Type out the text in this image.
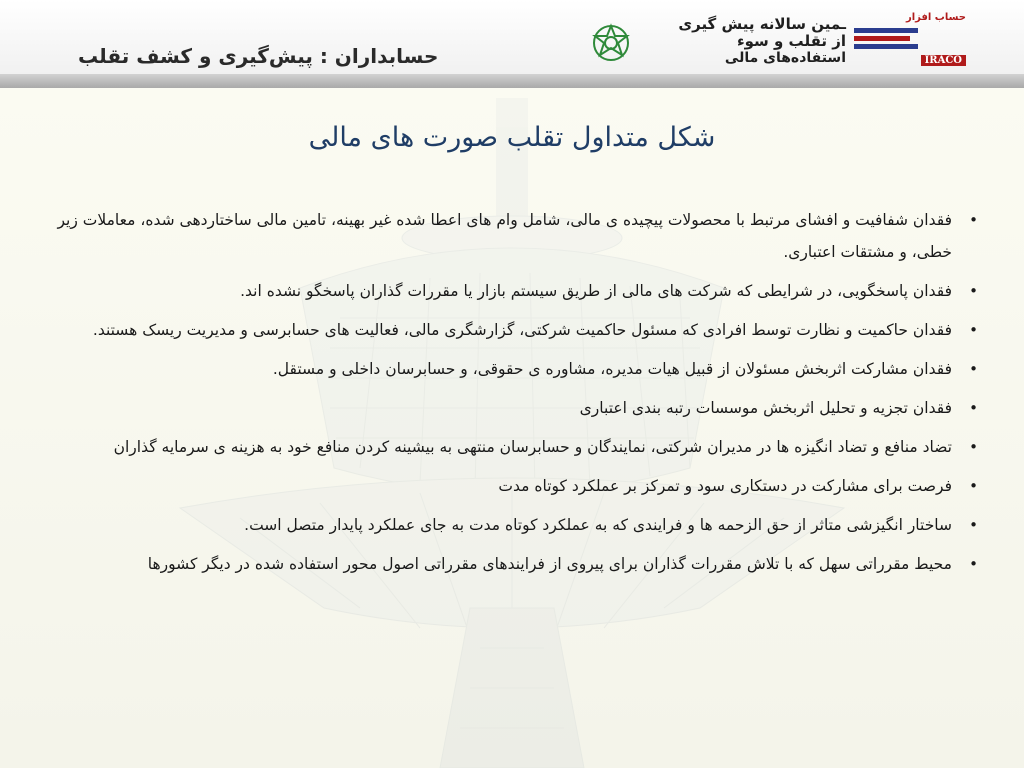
حسابداران : پیش‌گیری و کشف تقلب
ـمین سالانه پیش گیری
از تقلب و سوء
استفاده‌های مالی
حساب افزار
IRACO
شکل متداول تقلب صورت های مالی
•
فقدان شفافیت و افشای مرتبط با محصولات پیچیده ی مالی، شامل وام های اعطا شده غیر بهینه، تامین مالی ساختاردهی شده، معاملات زیر خطی، و مشتقات اعتباری.
•
فقدان پاسخگویی، در شرایطی که شرکت های مالی از طریق سیستم بازار یا مقررات گذاران پاسخگو نشده اند.
•
فقدان حاکمیت و نظارت توسط افرادی که مسئول حاکمیت شرکتی، گزارشگری مالی، فعالیت های حسابرسی و مدیریت ریسک هستند.
•
فقدان مشارکت اثربخش مسئولان از قبیل هیات مدیره، مشاوره ی حقوقی، و حسابرسان داخلی و مستقل.
•
فقدان تجزیه و تحلیل اثربخش موسسات رتبه بندی اعتباری
•
تضاد منافع و تضاد انگیزه ها در مدیران شرکتی، نمایندگان و حسابرسان منتهی به بیشینه کردن منافع خود به هزینه ی سرمایه گذاران
•
فرصت برای مشارکت در دستکاری سود و تمرکز بر عملکرد کوتاه مدت
•
ساختار انگیزشی متاثر از حق الزحمه ها و فرایندی که به عملکرد کوتاه مدت به جای عملکرد پایدار متصل است.
•
محیط مقرراتی سهل که با تلاش مقررات گذاران برای پیروی از فرایندهای مقرراتی اصول محور استفاده شده در دیگر کشورها
